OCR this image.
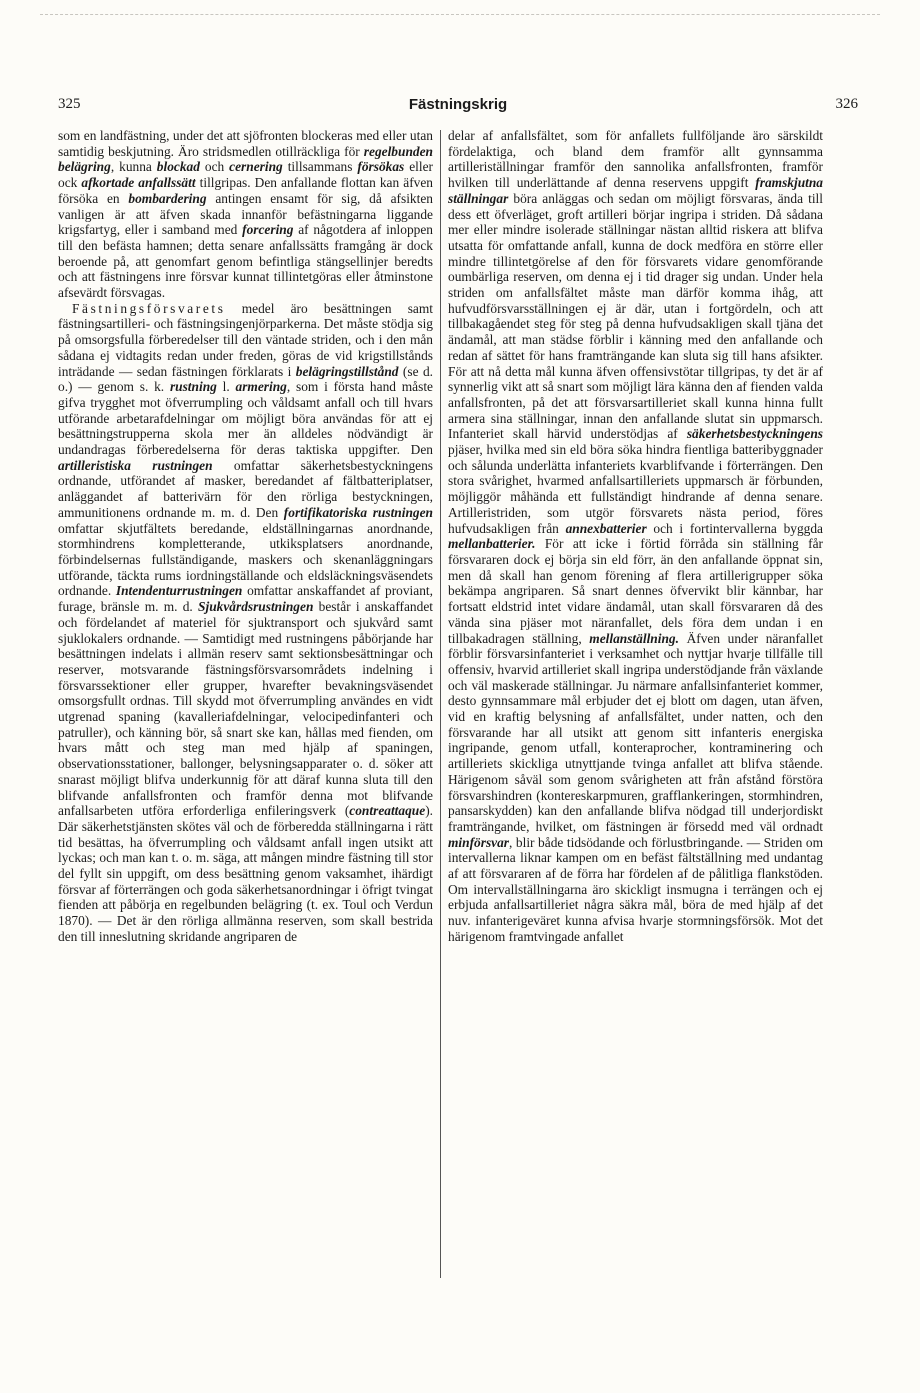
325	Fästningskrig	326

som en landfästning, under det att sjöfronten blockeras med eller utan samtidig beskjutning. Äro stridsmedlen otillräckliga för regelbunden belägring, kunna blockad och cernering tillsammans försökas eller ock afkortade anfallssätt tillgripas. Den anfallande flottan kan äfven försöka en bombardering antingen ensamt för sig, då afsikten vanligen är att äfven skada innanför befästningarna liggande krigsfartyg, eller i samband med forcering af någotdera af inloppen till den befästa hamnen; detta senare anfallssätts framgång är dock beroende på, att genomfart genom befintliga stängsellinjer beredts och att fästningens inre försvar kunnat tillintetgöras eller åtminstone afsevärdt försvagas.

Fästningsförsvarets medel äro besättningen samt fästningsartilleri- och fästningsingenjörparkerna. Det måste stödja sig på omsorgsfulla förberedelser till den väntade striden, och i den mån sådana ej vidtagits redan under freden, göras de vid krigstillstånds inträdande — sedan fästningen förklarats i belägringstillstånd (se d. o.) — genom s. k. rustning l. armering, som i första hand måste gifva trygghet mot öfverrumpling och våldsamt anfall och till hvars utförande arbetarafdelningar om möjligt böra användas för att ej besättningstrupperna skola mer än alldeles nödvändigt är undandragas förberedelserna för deras taktiska uppgifter. Den artilleristiska rustningen omfattar säkerhetsbestyckningens ordnande, utförandet af masker, beredandet af fältbatteriplatser, anläggandet af batterivärn för den rörliga bestyckningen, ammunitionens ordnande m. m. d. Den fortifikatoriska rustningen omfattar skjutfältets beredande, eldställningarnas anordnande, stormhindrens kompletterande, utkiksplatsers anordnande, förbindelsernas fullständigande, maskers och skenanläggningars utförande, täckta rums iordningställande och eldsläckningsväsendets ordnande. Intendenturrustningen omfattar anskaffandet af proviant, furage, bränsle m. m. d. Sjukvårdsrustningen består i anskaffandet och fördelandet af materiel för sjuktransport och sjukvård samt sjuklokalers ordnande. — Samtidigt med rustningens påbörjande har besättningen indelats i allmän reserv samt sektionsbesättningar och reserver, motsvarande fästningsförsvarsområdets indelning i försvarssektioner eller grupper, hvarefter bevakningsväsendet omsorgsfullt ordnas. Till skydd mot öfverrumpling användes en vidt utgrenad spaning (kavalleriafdelningar, velocipedinfanteri och patruller), och känning bör, så snart ske kan, hållas med fienden, om hvars mått och steg man med hjälp af spaningen, observationsstationer, ballonger, belysningsapparater o. d. söker att snarast möjligt blifva underkunnig för att däraf kunna sluta till den blifvande anfallsfronten och framför denna mot blifvande anfallsarbeten utföra erforderliga enfileringsverk (contreattaque). Där säkerhetstjänsten skötes väl och de förberedda ställningarna i rätt tid besättas, ha öfverrumpling och våldsamt anfall ingen utsikt att lyckas; och man kan t. o. m. säga, att mången mindre fästning till stor del fyllt sin uppgift, om dess besättning genom vaksamhet, ihärdigt försvar af förterrängen och goda säkerhetsanordningar i öfrigt tvingat fienden att påbörja en regelbunden belägring (t. ex. Toul och Verdun 1870). — Det är den rörliga allmänna reserven, som skall bestrida den till inneslutning skridande angriparen de

delar af anfallsfältet, som för anfallets fullföljande äro särskildt fördelaktiga, och bland dem framför allt gynnsamma artilleriställningar framför den sannolika anfallsfronten, framför hvilken till underlättande af denna reservens uppgift framskjutna ställningar böra anläggas och sedan om möjligt försvaras, ända till dess ett öfverläget, groft artilleri börjar ingripa i striden. Då sådana mer eller mindre isolerade ställningar nästan alltid riskera att blifva utsatta för omfattande anfall, kunna de dock medföra en större eller mindre tillintetgörelse af den för försvarets vidare genomförande oumbärliga reserven, om denna ej i tid drager sig undan. Under hela striden om anfallsfältet måste man därför komma ihåg, att hufvudförsvarsställningen ej är där, utan i fortgördeln, och att tillbakagåendet steg för steg på denna hufvudsakligen skall tjäna det ändamål, att man städse förblir i känning med den anfallande och redan af sättet för hans framträngande kan sluta sig till hans afsikter. För att nå detta mål kunna äfven offensivstötar tillgripas, ty det är af synnerlig vikt att så snart som möjligt lära känna den af fienden valda anfallsfronten, på det att försvarsartilleriet skall kunna hinna fullt armera sina ställningar, innan den anfallande slutat sin uppmarsch. Infanteriet skall härvid understödjas af säkerhetsbestyckningens pjäser, hvilka med sin eld böra söka hindra fientliga batteribyggnader och sålunda underlätta infanteriets kvarblifvande i förterrängen. Den stora svårighet, hvarmed anfallsartilleriets uppmarsch är förbunden, möjliggör måhända ett fullständigt hindrande af denna senare. Artilleristriden, som utgör försvarets nästa period, föres hufvudsakligen från annexbatterier och i fortintervallerna byggda mellanbatterier. För att icke i förtid förråda sin ställning får försvararen dock ej börja sin eld förr, än den anfallande öppnat sin, men då skall han genom förening af flera artillerigrupper söka bekämpa angriparen. Så snart dennes öfvervikt blir kännbar, har fortsatt eldstrid intet vidare ändamål, utan skall försvararen då des vända sina pjäser mot näranfallet, dels föra dem undan i en tillbakadragen ställning, mellanställning. Äfven under näranfallet förblir försvarsinfanteriet i verksamhet och nyttjar hvarje tillfälle till offensiv, hvarvid artilleriet skall ingripa understödjande från växlande och väl maskerade ställningar. Ju närmare anfallsinfanteriet kommer, desto gynnsammare mål erbjuder det ej blott om dagen, utan äfven, vid en kraftig belysning af anfallsfältet, under natten, och den försvarande har all utsikt att genom sitt infanteris energiska ingripande, genom utfall, konteraprocher, kontraminering och artilleriets skickliga utnyttjande tvinga anfallet att blifva stående. Härigenom såväl som genom svårigheten att från afstånd förstöra försvarshindren (kontereskarpmuren, grafflankeringen, stormhindren, pansarskydden) kan den anfallande blifva nödgad till underjordiskt framträngande, hvilket, om fästningen är försedd med väl ordnadt minförsvar, blir både tidsödande och förlustbringande. — Striden om intervallerna liknar kampen om en befäst fältställning med undantag af att försvararen af de förra har fördelen af de pålitliga flankstöden. Om intervallställningarna äro skickligt insmugna i terrängen och ej erbjuda anfallsartilleriet några säkra mål, böra de med hjälp af det nuv. infanterigeväret kunna afvisa hvarje stormningsförsök. Mot det härigenom framtvingade anfallet
